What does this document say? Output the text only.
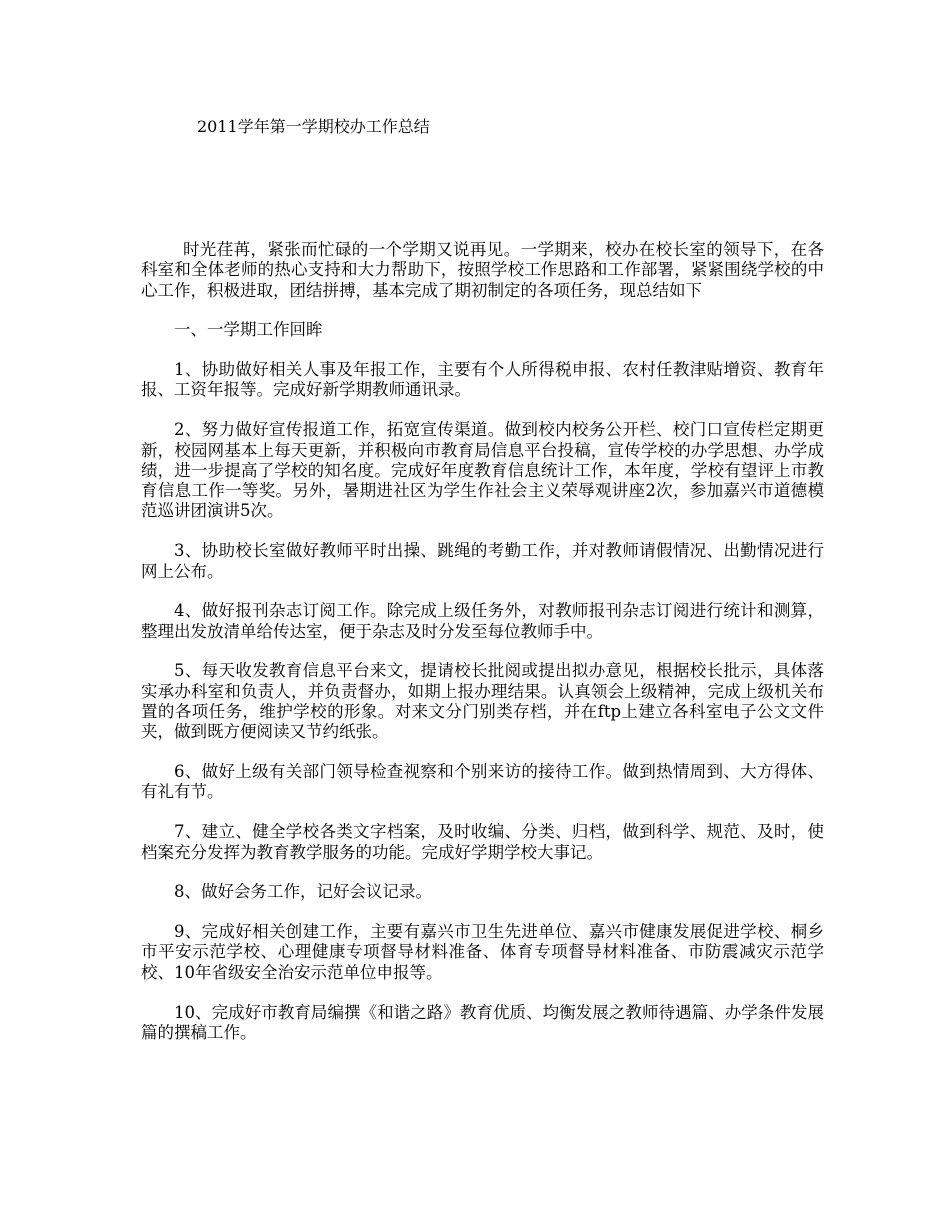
2011学年第一学期校办工作总结

时光荏苒，紧张而忙碌的一个学期又说再见。一学期来，校办在校长室的领导下，在各科室和全体老师的热心支持和大力帮助下，按照学校工作思路和工作部署，紧紧围绕学校的中心工作，积极进取，团结拼搏，基本完成了期初制定的各项任务，现总结如下

一、一学期工作回眸

1、协助做好相关人事及年报工作，主要有个人所得税申报、农村任教津贴增资、教育年报、工资年报等。完成好新学期教师通讯录。

2、努力做好宣传报道工作，拓宽宣传渠道。做到校内校务公开栏、校门口宣传栏定期更新，校园网基本上每天更新，并积极向市教育局信息平台投稿，宣传学校的办学思想、办学成绩，进一步提高了学校的知名度。完成好年度教育信息统计工作，本年度，学校有望评上市教育信息工作一等奖。另外，暑期进社区为学生作社会主义荣辱观讲座2次，参加嘉兴市道德模范巡讲团演讲5次。

3、协助校长室做好教师平时出操、跳绳的考勤工作，并对教师请假情况、出勤情况进行网上公布。

4、做好报刊杂志订阅工作。除完成上级任务外，对教师报刊杂志订阅进行统计和测算，整理出发放清单给传达室，便于杂志及时分发至每位教师手中。

5、每天收发教育信息平台来文，提请校长批阅或提出拟办意见，根据校长批示，具体落实承办科室和负责人，并负责督办，如期上报办理结果。认真领会上级精神，完成上级机关布置的各项任务，维护学校的形象。对来文分门别类存档，并在ftp上建立各科室电子公文文件夹，做到既方便阅读又节约纸张。

6、做好上级有关部门领导检查视察和个别来访的接待工作。做到热情周到、大方得体、有礼有节。

7、建立、健全学校各类文字档案，及时收编、分类、归档，做到科学、规范、及时，使档案充分发挥为教育教学服务的功能。完成好学期学校大事记。

8、做好会务工作，记好会议记录。

9、完成好相关创建工作，主要有嘉兴市卫生先进单位、嘉兴市健康发展促进学校、桐乡市平安示范学校、心理健康专项督导材料准备、体育专项督导材料准备、市防震减灾示范学校、10年省级安全治安示范单位申报等。

10、完成好市教育局编撰《和谐之路》教育优质、均衡发展之教师待遇篇、办学条件发展篇的撰稿工作。
